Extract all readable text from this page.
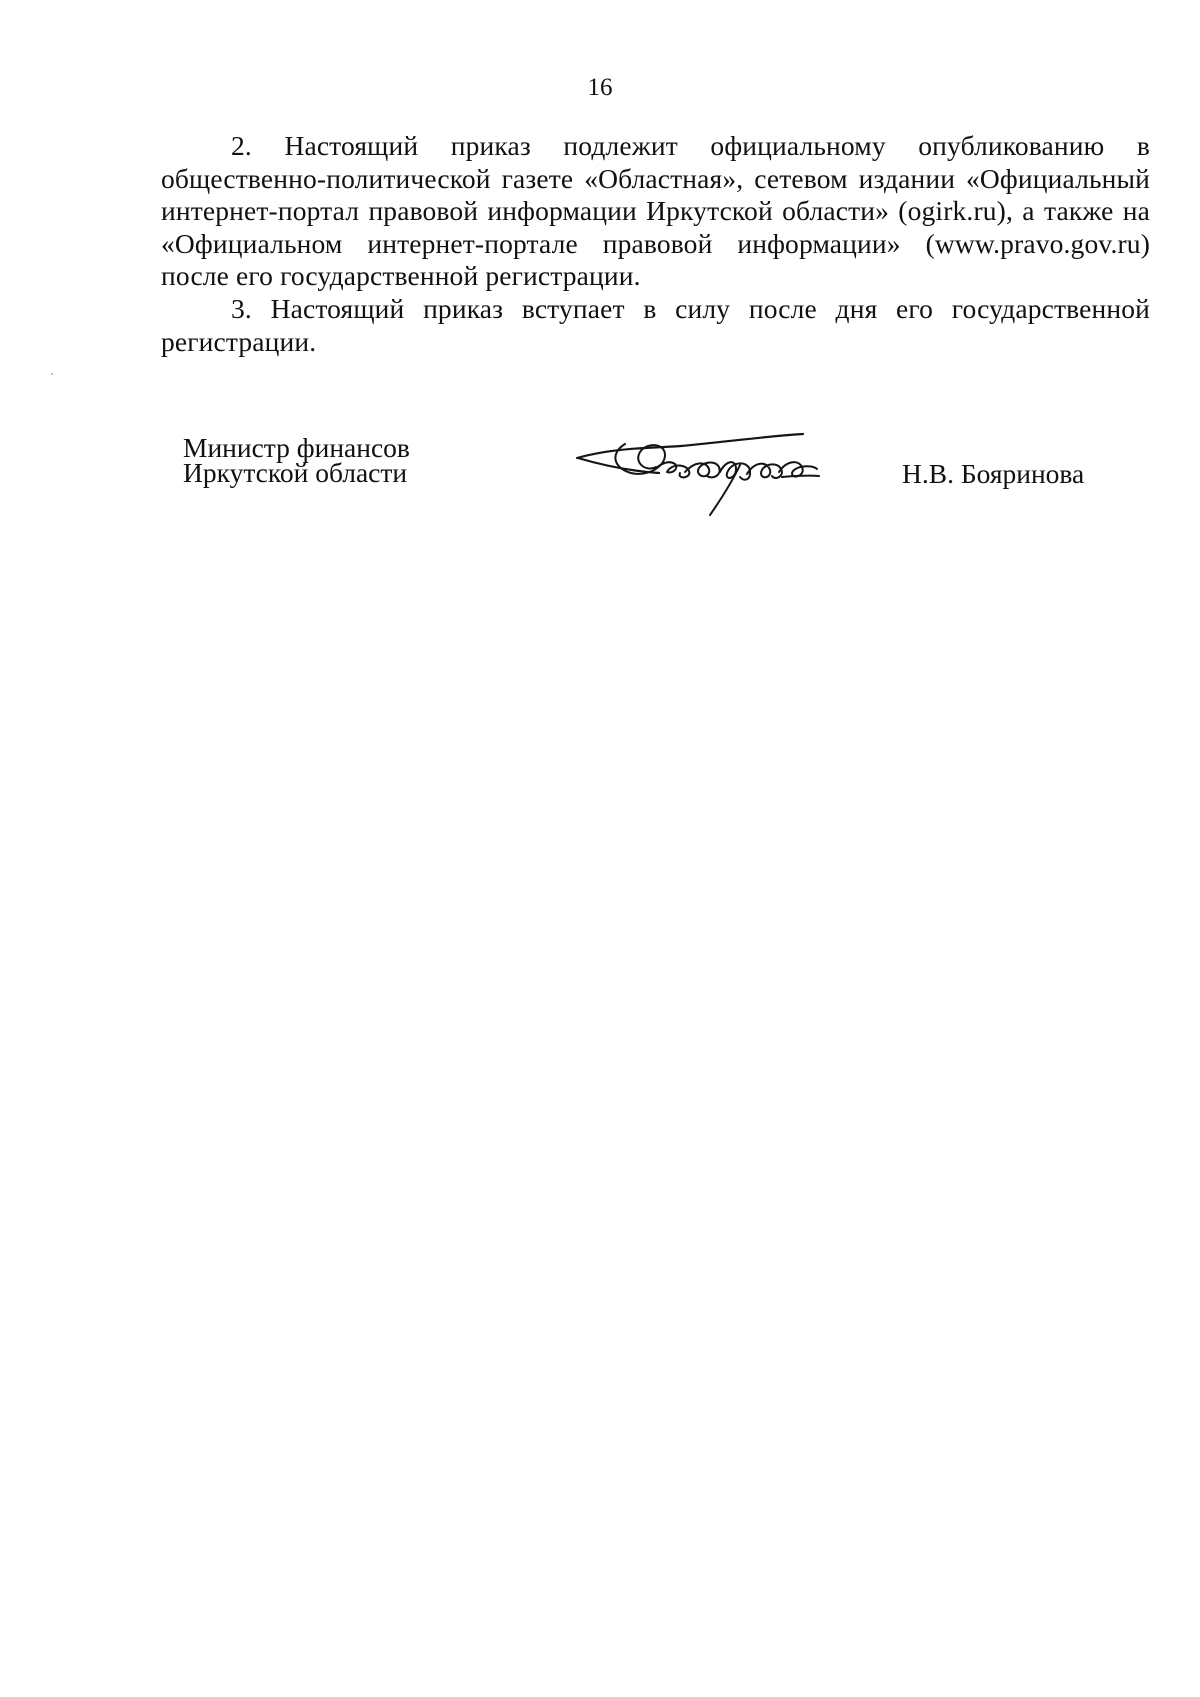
16

2. Настоящий приказ подлежит официальному опубликованию в общественно-политической газете «Областная», сетевом издании «Официальный интернет-портал правовой информации Иркутской области» (ogirk.ru), а также на «Официальном интернет-портале правовой информации» (www.pravo.gov.ru) после его государственной регистрации.

3. Настоящий приказ вступает в силу после дня его государственной регистрации.

Министр финансов
Иркутской области	Н.В. Бояринова
